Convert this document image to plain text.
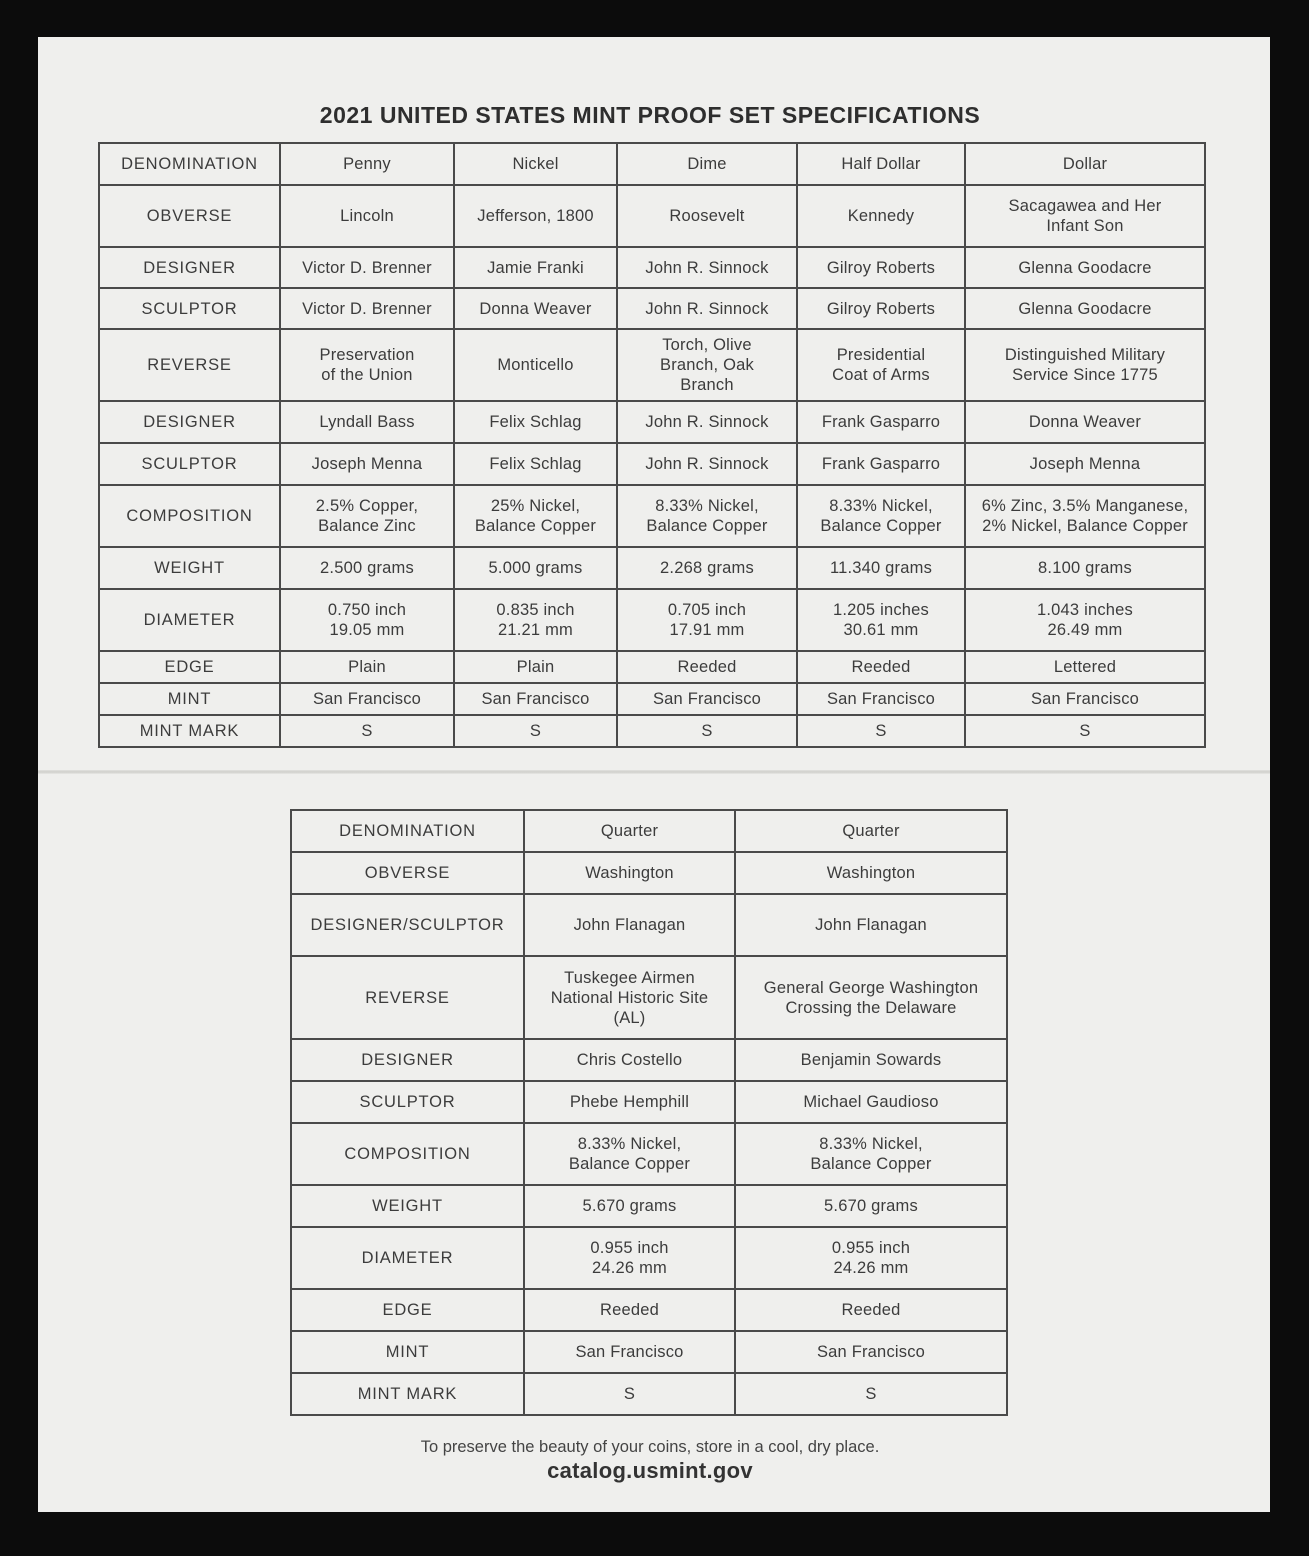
2021 UNITED STATES MINT PROOF SET SPECIFICATIONS
DENOMINATION	Penny	Nickel	Dime	Half Dollar	Dollar
OBVERSE	Lincoln	Jefferson, 1800	Roosevelt	Kennedy	Sacagawea and Her
Infant Son
DESIGNER	Victor D. Brenner	Jamie Franki	John R. Sinnock	Gilroy Roberts	Glenna Goodacre
SCULPTOR	Victor D. Brenner	Donna Weaver	John R. Sinnock	Gilroy Roberts	Glenna Goodacre
REVERSE	Preservation
of the Union	Monticello	Torch, Olive
Branch, Oak
Branch	Presidential
Coat of Arms	Distinguished Military
Service Since 1775
DESIGNER	Lyndall Bass	Felix Schlag	John R. Sinnock	Frank Gasparro	Donna Weaver
SCULPTOR	Joseph Menna	Felix Schlag	John R. Sinnock	Frank Gasparro	Joseph Menna
COMPOSITION	2.5% Copper,
Balance Zinc	25% Nickel,
Balance Copper	8.33% Nickel,
Balance Copper	8.33% Nickel,
Balance Copper	6% Zinc, 3.5% Manganese,
2% Nickel, Balance Copper
WEIGHT	2.500 grams	5.000 grams	2.268 grams	11.340 grams	8.100 grams
DIAMETER	0.750 inch
19.05 mm	0.835 inch
21.21 mm	0.705 inch
17.91 mm	1.205 inches
30.61 mm	1.043 inches
26.49 mm
EDGE	Plain	Plain	Reeded	Reeded	Lettered
MINT	San Francisco	San Francisco	San Francisco	San Francisco	San Francisco
MINT MARK	S	S	S	S	S
DENOMINATION	Quarter	Quarter
OBVERSE	Washington	Washington
DESIGNER/SCULPTOR	John Flanagan	John Flanagan
REVERSE	Tuskegee Airmen
National Historic Site
(AL)	General George Washington
Crossing the Delaware
DESIGNER	Chris Costello	Benjamin Sowards
SCULPTOR	Phebe Hemphill	Michael Gaudioso
COMPOSITION	8.33% Nickel,
Balance Copper	8.33% Nickel,
Balance Copper
WEIGHT	5.670 grams	5.670 grams
DIAMETER	0.955 inch
24.26 mm	0.955 inch
24.26 mm
EDGE	Reeded	Reeded
MINT	San Francisco	San Francisco
MINT MARK	S	S
To preserve the beauty of your coins, store in a cool, dry place.
catalog.usmint.gov
